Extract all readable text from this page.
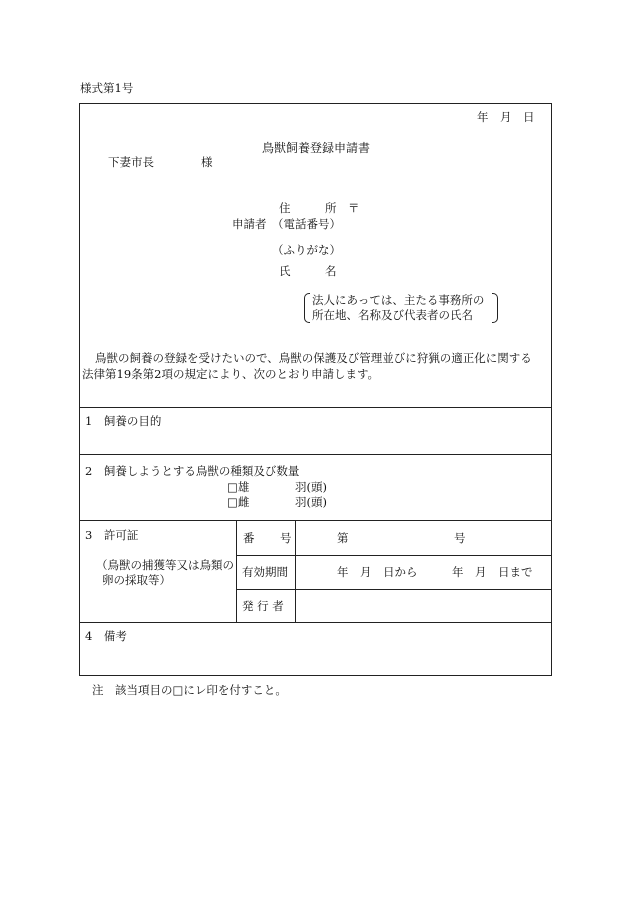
様式第1号
年 月 日
鳥獣飼養登録申請書
下妻市長	様
住	所 〒
申請者 （電話番号）
（ふりがな）
氏	名
法人にあっては、主たる事務所の
所在地、名称及び代表者の氏名
鳥獣の飼養の登録を受けたいので、鳥獣の保護及び管理並びに狩猟の適正化に関する
法律第19条第2項の規定により、次のとおり申請します。
1　飼養の目的
2　飼養しようとする鳥獣の種類及び数量
□雄	羽(頭)
□雌	羽(頭)
3　許可証
（鳥獣の捕獲等又は鳥類の
卵の採取等）
番 号	第	号
有効期間	年　月　日から	年　月　日まで
発 行 者
4　備考
注　該当項目の□にレ印を付すこと。
